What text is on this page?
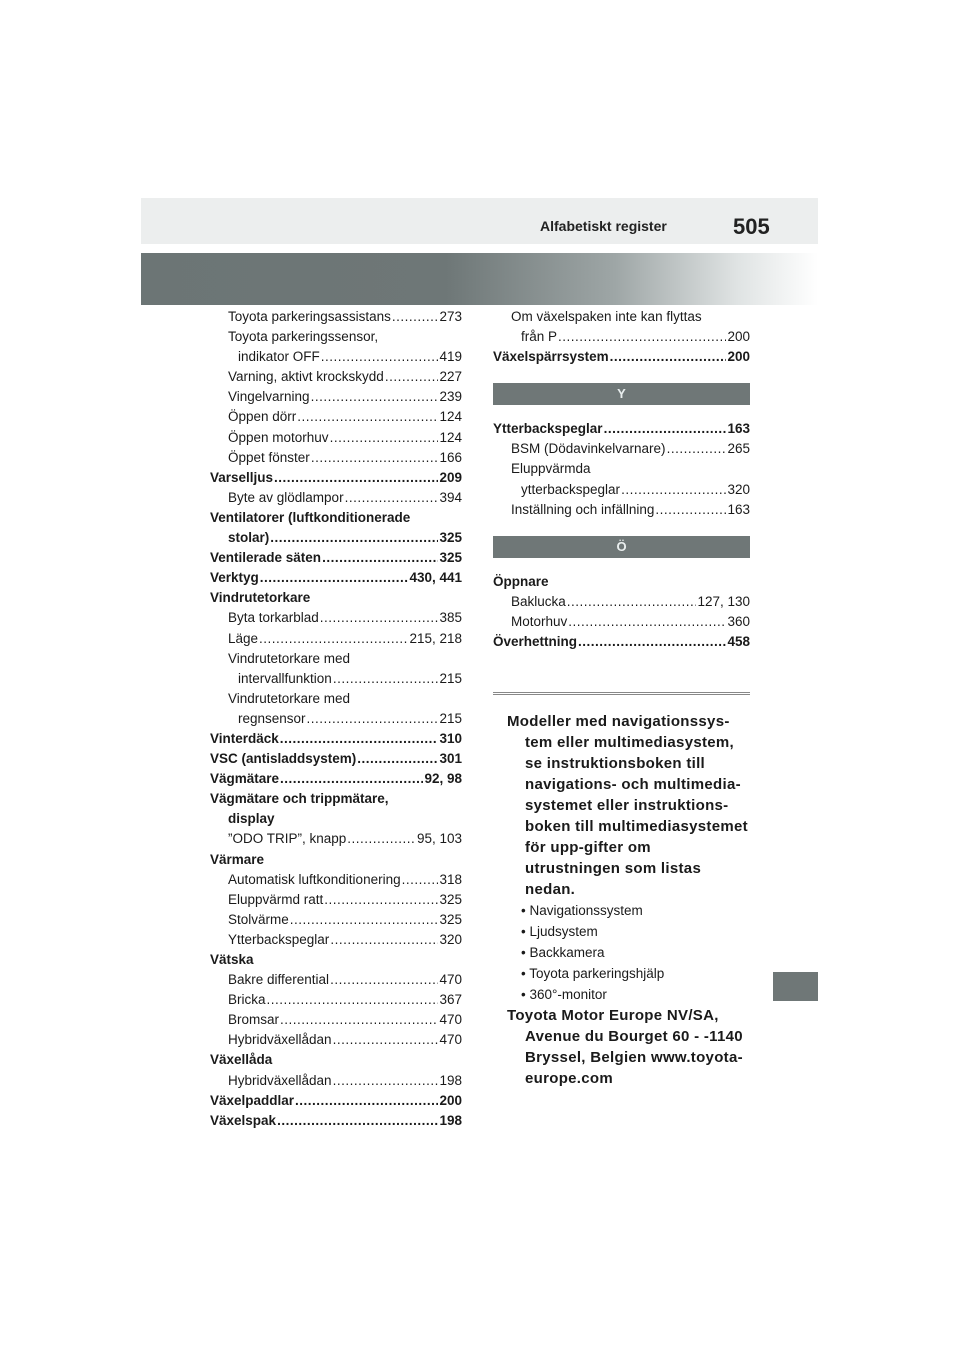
Alfabetiskt register	505
Toyota parkeringsassistans .....	273
Toyota parkeringssensor,
indikator OFF .....	419
Varning, aktivt krockskydd .....	227
Vingelvarning .....	239
Öppen dörr .....	124
Öppen motorhuv .....	124
Öppet fönster .....	166
Varselljus .....	209
Byte av glödlampor .....	394
Ventilatorer (luftkonditionerade
stolar) .....	325
Ventilerade säten .....	325
Verktyg .....	430, 441
Vindrutetorkare
Byta torkarblad .....	385
Läge .....	215, 218
Vindrutetorkare med
intervallfunktion .....	215
Vindrutetorkare med
regnsensor .....	215
Vinterdäck .....	310
VSC (antisladdsystem) .....	301
Vägmätare .....	92, 98
Vägmätare och trippmätare,
display
”ODO TRIP”, knapp .....	95, 103
Värmare
Automatisk luftkonditionering .....	318
Eluppvärmd ratt .....	325
Stolvärme .....	325
Ytterbackspeglar .....	320
Vätska
Bakre differential .....	470
Bricka .....	367
Bromsar .....	470
Hybridväxellådan .....	470
Växellåda
Hybridväxellådan .....	198
Växelpaddlar .....	200
Växelspak .....	198
Om växelspaken inte kan flyttas
från P .....	200
Växelspärrsystem .....	200
Y
Ytterbackspeglar .....	163
BSM (Dödavinkelvarnare) .....	265
Eluppvärmda
ytterbackspeglar .....	320
Inställning och infällning .....	163
Ö
Öppnare
Baklucka .....	127, 130
Motorhuv .....	360
Överhettning .....	458
Modeller med navigationssys-tem eller multimediasystem, se instruktionsboken till navigations- och multimedia-systemet eller instruktions-boken till multimediasystemet för upp-gifter om utrustningen som listas nedan.
• Navigationssystem
• Ljudsystem
• Backkamera
• Toyota parkeringshjälp
• 360°-monitor
Toyota Motor Europe NV/SA, Avenue du Bourget 60 - -1140 Bryssel, Belgien www.toyota-europe.com
